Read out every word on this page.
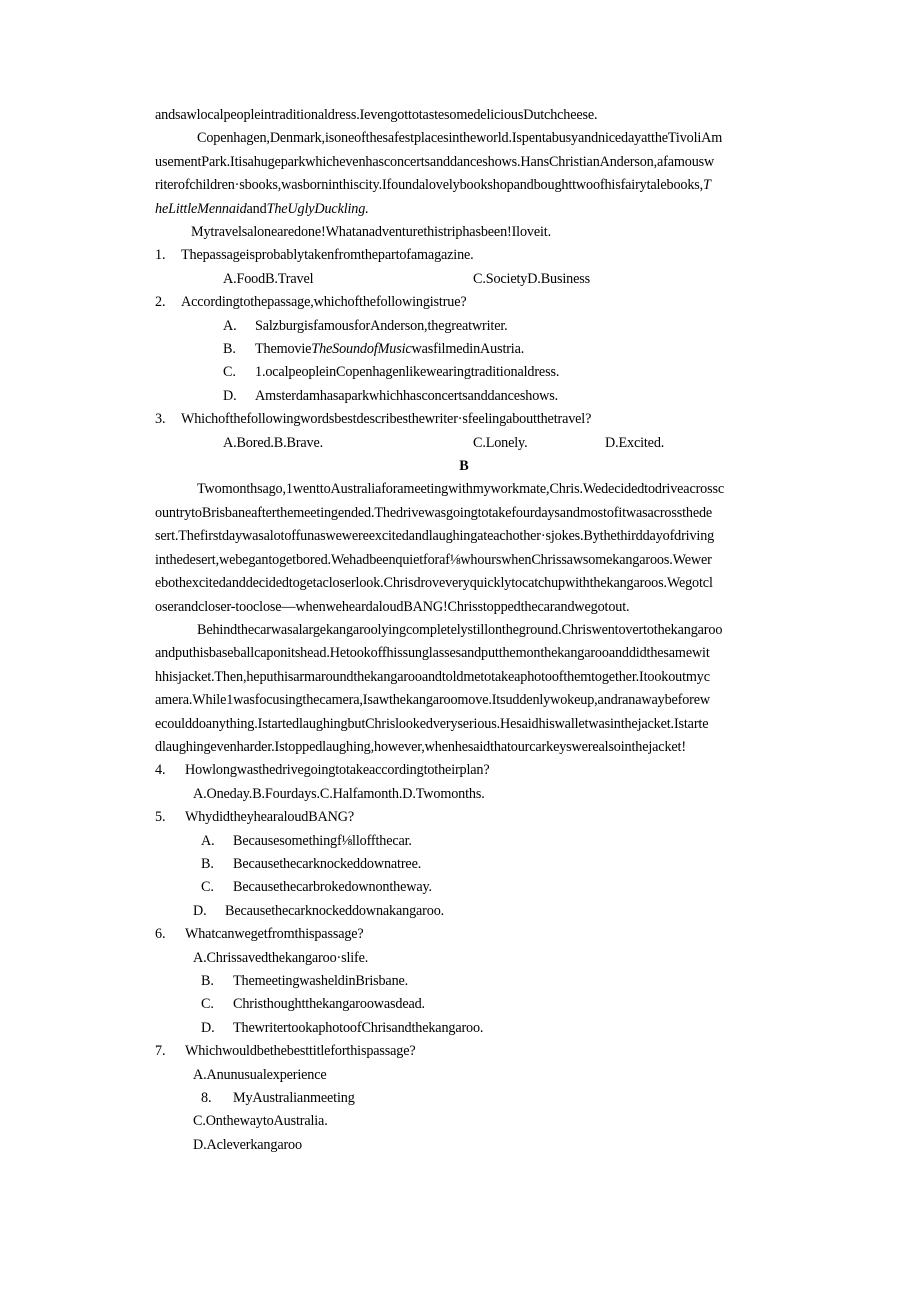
andsawlocalpeopleintraditionaldress.IevengottotastesomedeliciousDutchcheese.
Copenhagen,Denmark,isoneofthesafestplacesintheworld.IspentabusyandnicedayattheTivoliAm
usementPark.Itisahugeparkwhichevenhasconcertsanddanceshows.HansChristianAnderson,afamousw
riterofchildren·sbooks,wasborninthiscity.Ifoundalovelybookshopandboughttwoofhisfairytalebooks,T
heLittleMennaidandTheUglyDuckling.
Mytravelsalonearedone!Whatanadventurethistriphasbeen!Iloveit.
1. Thepassageisprobablytakenfromthepartofamagazine.
A.FoodB.Travel	C.SocietyD.Business
2. Accordingtothepassage,whichofthefollowingistrue?
A. SalzburgisfamousforAnderson,thegreatwriter.
B. ThemovieTheSoundofMusicwasfilmedinAustria.
C. 1.ocalpeopleinCopenhagenlikewearingtraditionaldress.
D. Amsterdamhasaparkwhichhasconcertsanddanceshows.
3. Whichofthefollowingwordsbestdescribesthewriter·sfeelingaboutthetravel?
A.Bored.B.Brave.	C.Lonely.	D.Excited.
B
Twomonthsago,1wenttoAustraliaforameetingwithmyworkmate,Chris.Wedecidedtodriveacrossc
ountrytoBrisbaneafterthemeetingended.Thedrivewasgoingtotakefourdaysandmostofitwasacrossthede
sert.Thefirstdaywasalotoffunaswewereexcitedandlaughingateachother·sjokes.Bythethirddayofdriving
inthedesert,webegantogetbored.Wehadbeenquietforaf⅛whourswhenChrissawsomekangaroos.Wewer
ebothexcitedanddecidedtogetacloserlook.Chrisdroveveryquicklytocatchupwiththekangaroos.Wegotcl
oserandcloser-tooclose—whenweheardaloudBANG!Chrisstoppedthecarandwegotout.
Behindthecarwasalargekangaroolyingcompletelystillontheground.Chriswentovertothekangaroo
andputhisbaseballcaponitshead.Hetookoffhissunglassesandputthemonthekangarooanddidthesamewit
hhisjacket.Then,heputhisarmaroundthekangarooandtoldmetotakeaphotoofthemtogether.Itookoutmyc
amera.While1wasfocusingthecamera,Isawthekangaroomove.Itsuddenlywokeup,andranawaybeforew
ecoulddoanything.IstartedlaughingbutChrislookedveryserious.Hesaidhiswalletwasinthejacket.Istarte
dlaughingevenharder.Istoppedlaughing,however,whenhesaidthatourcarkeyswerealsointhejacket!
4. Howlongwasthedrivegoingtotakeaccordingtotheirplan?
A.Oneday.B.Fourdays.C.Halfamonth.D.Twomonths.
5. WhydidtheyhearaloudBANG?
A. Becausesomethingf⅛lloffthecar.
B. Becausethecarknockeddownatree.
C. Becausethecarbrokedownontheway.
D. Becausethecarknockeddownakangaroo.
6. Whatcanwegetfromthispassage?
A.Chrissavedthekangaroo·slife.
B. ThemeetingwasheldinBrisbane.
C. Christhoughtthekangaroowasdead.
D. ThewritertookaphotoofChrisandthekangaroo.
7. Whichwouldbethebesttitleforthispassage?
A.Anunusualexperience
8. MyAustralianmeeting
C.OnthewaytoAustralia.
D.Acleverkangaroo
